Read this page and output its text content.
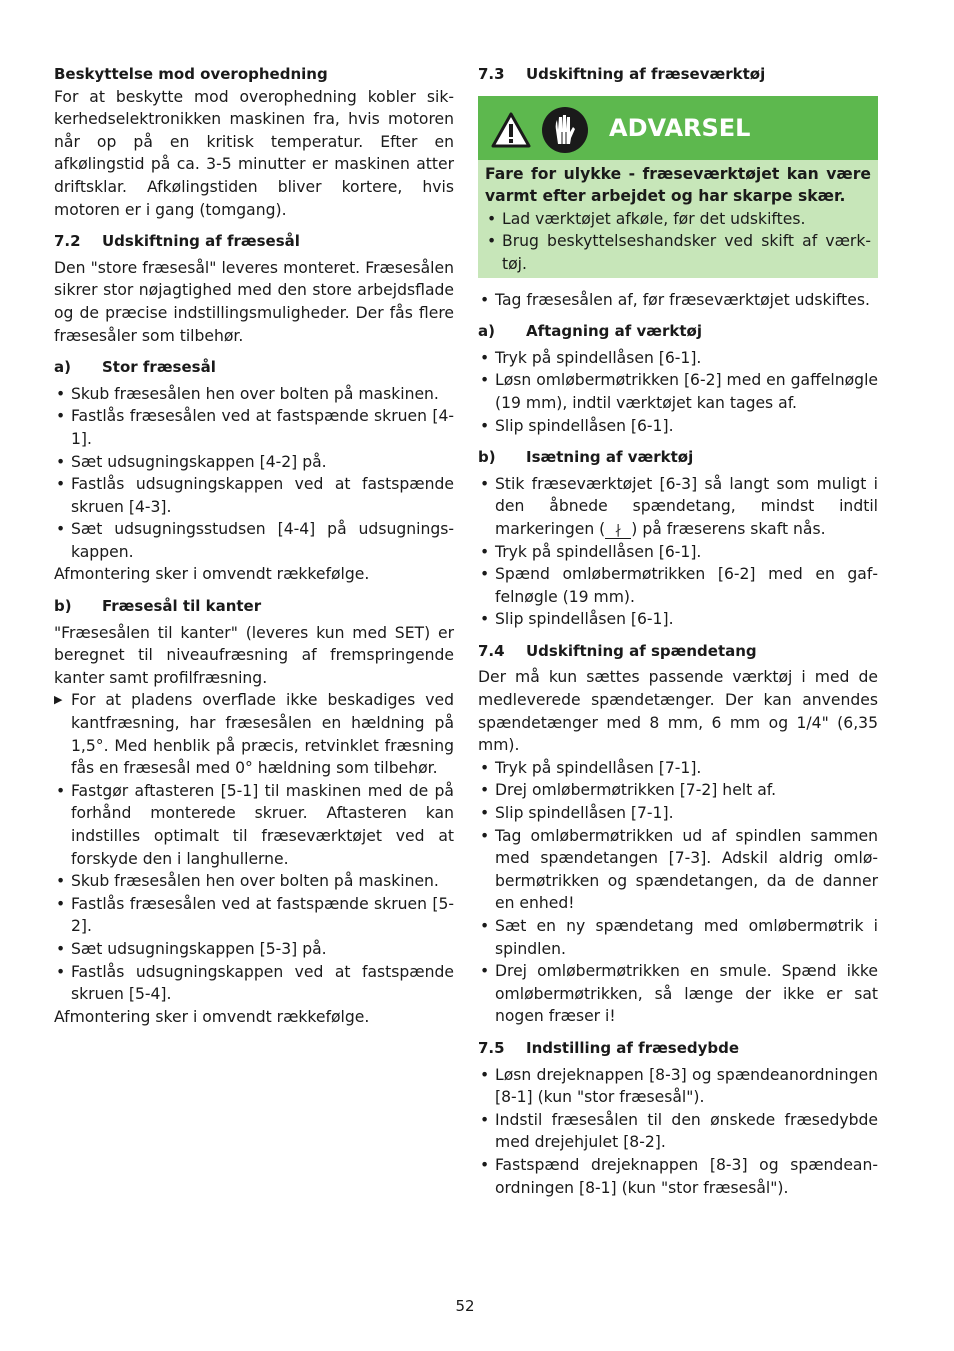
Beskyttelse mod overophedning

For at beskytte mod overophedning kobler sikkerhedselektronikken maskinen fra, hvis motoren når op på en kritisk temperatur. Efter en afkølingstid på ca. 3-5 minutter er maskinen atter driftsklar. Afkølingstiden bliver kortere, hvis motoren er i gang (tomgang).

7.2 Udskiftning af fræsesål

Den "store fræsesål" leveres monteret. Fræsesålen sikrer stor nøjagtighed med den store arbejdsflade og de præcise indstillingsmuligheder. Der fås flere fræsesåler som tilbehør.

a) Stor fræsesål
• Skub fræsesålen hen over bolten på maskinen.
• Fastlås fræsesålen ved at fastspænde skruen [4-1].
• Sæt udsugningskappen [4-2] på.
• Fastlås udsugningskappen ved at fastspænde skruen [4-3].
• Sæt udsugningsstudsen [4-4] på udsugningskappen.

Afmontering sker i omvendt rækkefølge.

b) Fræsesål til kanter

"Fræsesålen til kanter" (leveres kun med SET) er beregnet til niveaufræsning af fremspringende kanter samt profilfræsning.

▶ For at pladens overflade ikke beskadiges ved kantfræsning, har fræsesålen en hældning på 1,5°. Med henblik på præcis, retvinklet fræsning fås en fræsesål med 0° hældning som tilbehør.
• Fastgør aftasteren [5-1] til maskinen med de på forhånd monterede skruer. Aftasteren kan indstilles optimalt til fræseværktøjet ved at forskyde den i langhullerne.
• Skub fræsesålen hen over bolten på maskinen.
• Fastlås fræsesålen ved at fastspænde skruen [5-2].
• Sæt udsugningskappen [5-3] på.
• Fastlås udsugningskappen ved at fastspænde skruen [5-4].

Afmontering sker i omvendt rækkefølge.

7.3 Udskiftning af fræseværktøj
ADVARSEL

Fare for ulykke - fræseværktøjet kan være varmt efter arbejdet og har skarpe skær.

• Lad værktøjet afkøle, før det udskiftes.
• Brug beskyttelseshandsker ved skift af værktøj.
• Tag fræsesålen af, før fræseværktøjet udskiftes.
a) Aftagning af værktøj
• Tryk på spindellåsen [6-1].
• Løsn omløbermøtrikken [6-2] med en gaffelnøgle (19 mm), indtil værktøjet kan tages af.
• Slip spindellåsen [6-1].
b) Isætning af værktøj
• Stik fræseværktøjet [6-3] så langt som muligt i den åbnede spændetang, mindst indtil markeringen ( ∤ ) på fræserens skaft nås.
• Tryk på spindellåsen [6-1].
• Spænd omløbermøtrikken [6-2] med en gaffelnøgle (19 mm).
• Slip spindellåsen [6-1].
7.4 Udskiftning af spændetang

Der må kun sættes passende værktøj i med de medleverede spændetænger. Der kan anvendes spændetænger med 8 mm, 6 mm og 1/4" (6,35 mm).

• Tryk på spindellåsen [7-1].
• Drej omløbermøtrikken [7-2] helt af.
• Slip spindellåsen [7-1].
• Tag omløbermøtrikken ud af spindlen sammen med spændetangen [7-3]. Adskil aldrig omløbermøtrikken og spændetangen, da de danner en enhed!
• Sæt en ny spændetang med omløbermøtrik i spindlen.
• Drej omløbermøtrikken en smule. Spænd ikke omløbermøtrikken, så længe der ikke er sat nogen fræser i!
7.5 Indstilling af fræsedybde
• Løsn drejeknappen [8-3] og spændeanordningen [8-1] (kun "stor fræsesål").
• Indstil fræsesålen til den ønskede fræsedybde med drejehjulet [8-2].
• Fastspænd drejeknappen [8-3] og spændeanordningen [8-1] (kun "stor fræsesål").
52
